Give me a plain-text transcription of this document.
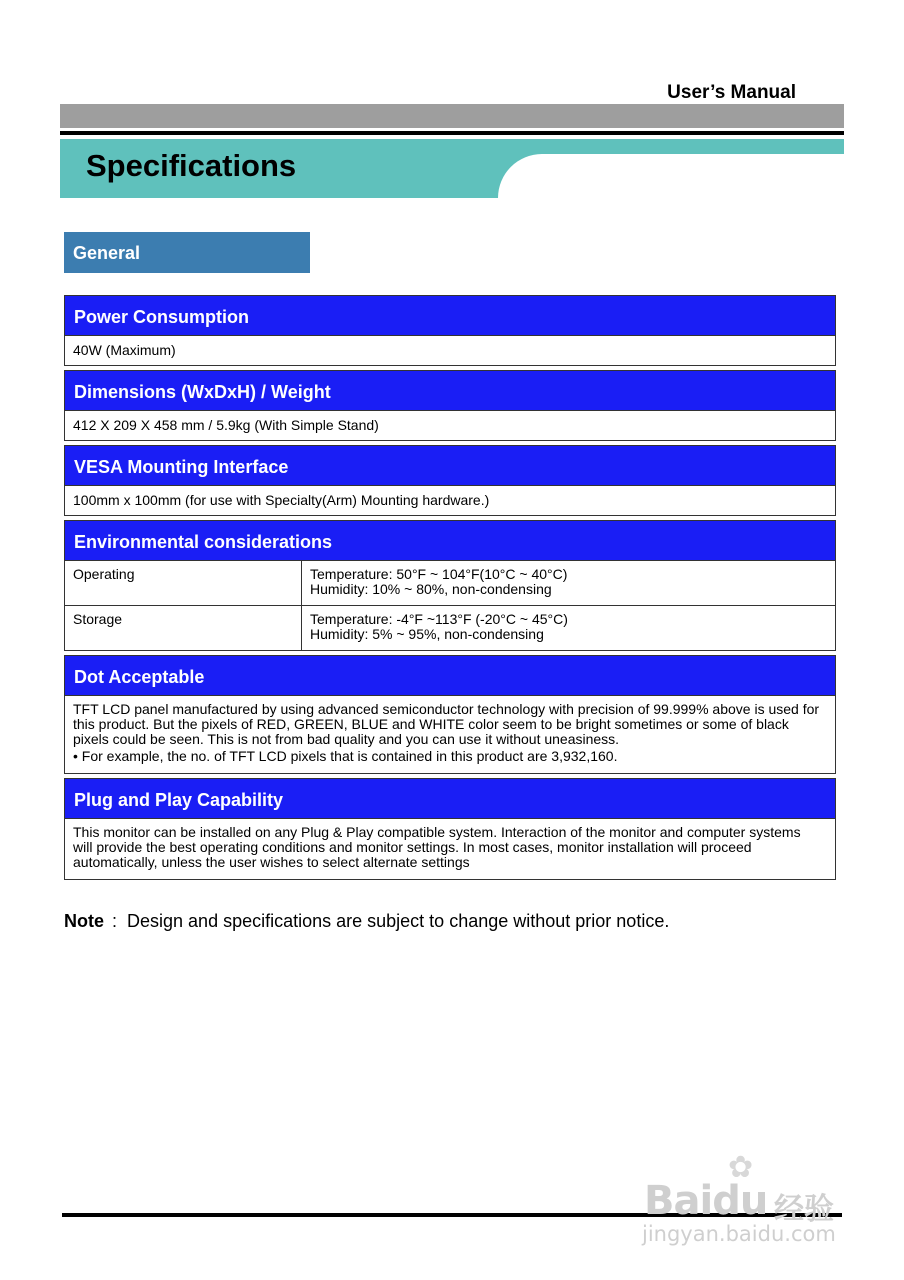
User’s Manual
Specifications
General
Power Consumption
40W (Maximum)
Dimensions (WxDxH) / Weight
412 X 209 X 458 mm / 5.9kg (With Simple Stand)
VESA Mounting Interface
100mm x 100mm (for use with Specialty(Arm) Mounting hardware.)
Environmental considerations
Operating	Temperature: 50°F ~ 104°F(10°C ~ 40°C)
Humidity: 10% ~ 80%, non-condensing

Storage	Temperature: -4°F ~113°F (-20°C ~ 45°C)
Humidity: 5% ~ 95%, non-condensing
Dot Acceptable
TFT LCD panel manufactured by using advanced semiconductor technology with precision of 99.999% above is used for this product. But the pixels of RED, GREEN, BLUE and WHITE color seem to be bright sometimes or some of black pixels could be seen. This is not from bad quality and you can use it without uneasiness.
• For example, the no. of TFT LCD pixels that is contained in this product are 3,932,160.
Plug and Play Capability
This monitor can be installed on any Plug & Play compatible system. Interaction of the monitor and computer systems will provide the best operating conditions and monitor settings. In most cases, monitor installation will proceed automatically, unless the user wishes to select alternate settings
Note : Design and specifications are subject to change without prior notice.
✿
Baidu 经验
jingyan.baidu.com
